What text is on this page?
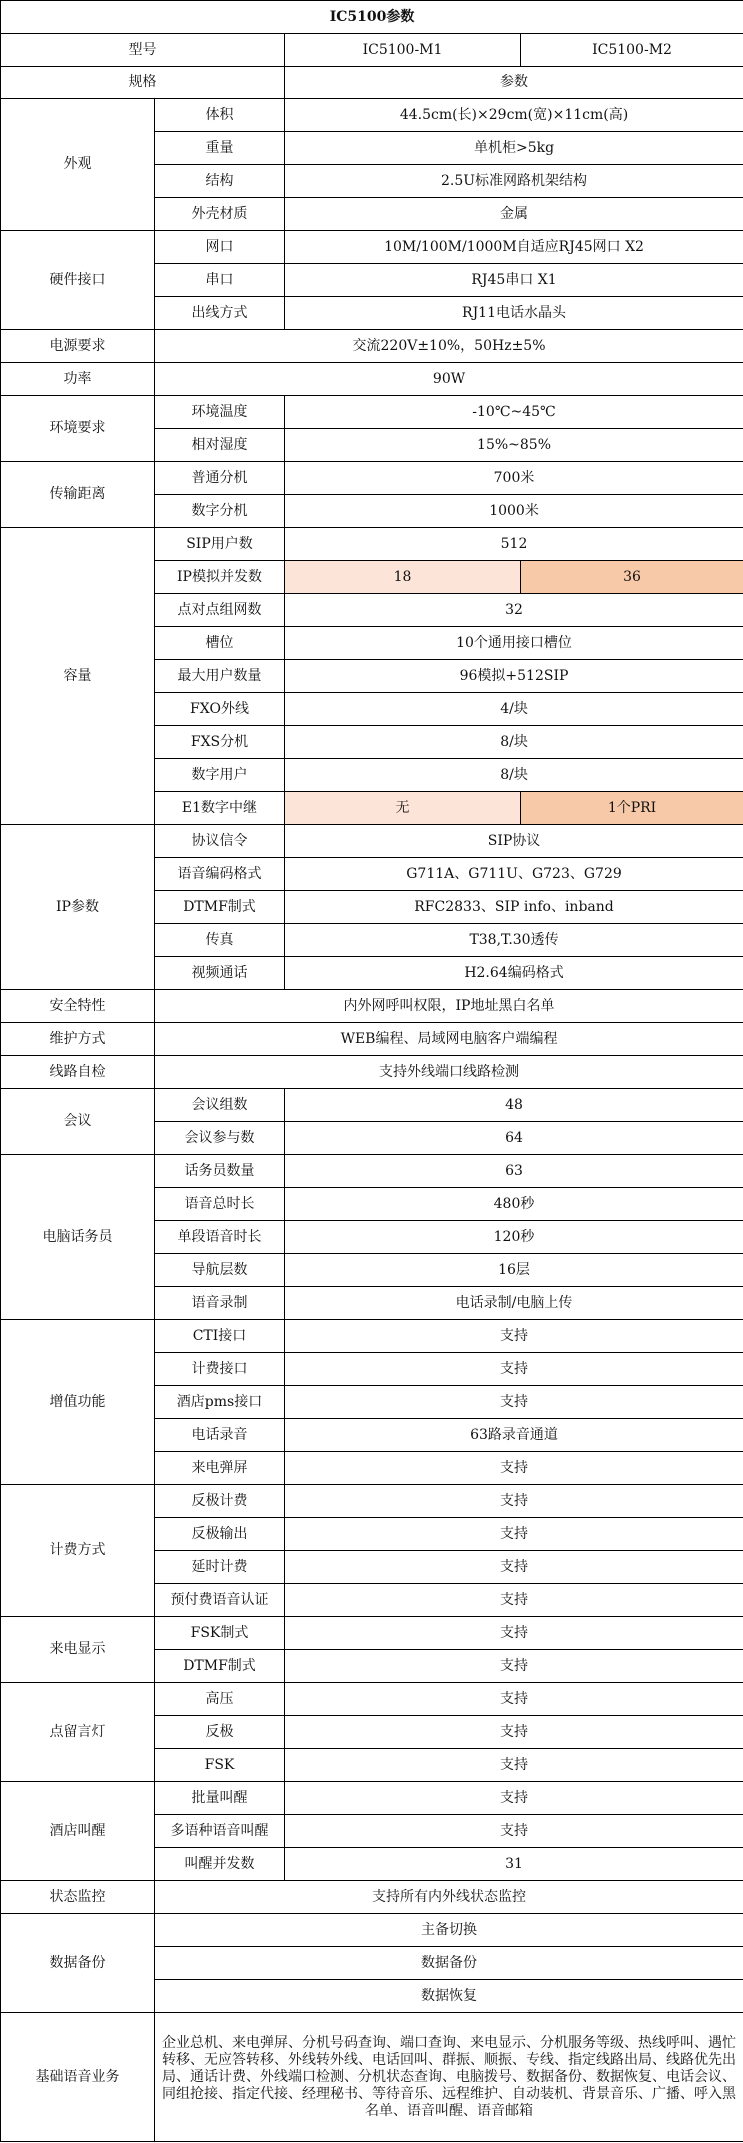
IC5100参数			
型号		IC5100-M1	IC5100-M2
规格		参数	
外观	体积	44.5cm(长)×29cm(宽)×11cm(高)	
	重量	单机柜>5kg	
	结构	2.5U标准网路机架结构	
	外壳材质	金属	
硬件接口	网口	10M/100M/1000M自适应RJ45网口 X2	
	串口	RJ45串口 X1	
	出线方式	RJ11电话水晶头	
电源要求	交流220V±10%，50Hz±5%		
功率	90W		
环境要求	环境温度	-10℃~45℃	
	相对湿度	15%~85%	
传输距离	普通分机	700米	
	数字分机	1000米	
容量	SIP用户数	512	
	IP模拟并发数	18	36
	点对点组网数	32	
	槽位	10个通用接口槽位	
	最大用户数量	96模拟+512SIP	
	FXO外线	4/块	
	FXS分机	8/块	
	数字用户	8/块	
	E1数字中继	无	1个PRI
IP参数	协议信令	SIP协议	
	语音编码格式	G711A、G711U、G723、G729	
	DTMF制式	RFC2833、SIP info、inband	
	传真	T38,T.30透传	
	视频通话	H2.64编码格式	
安全特性	内外网呼叫权限，IP地址黑白名单		
维护方式	WEB编程、局域网电脑客户端编程		
线路自检	支持外线端口线路检测		
会议	会议组数	48	
	会议参与数	64	
电脑话务员	话务员数量	63	
	语音总时长	480秒	
	单段语音时长	120秒	
	导航层数	16层	
	语音录制	电话录制/电脑上传	
增值功能	CTI接口	支持	
	计费接口	支持	
	酒店pms接口	支持	
	电话录音	63路录音通道	
	来电弹屏	支持	
计费方式	反极计费	支持	
	反极输出	支持	
	延时计费	支持	
	预付费语音认证	支持	
来电显示	FSK制式	支持	
	DTMF制式	支持	
点留言灯	高压	支持	
	反极	支持	
	FSK	支持	
酒店叫醒	批量叫醒	支持	
	多语种语音叫醒	支持	
	叫醒并发数	31	
状态监控	支持所有内外线状态监控		
数据备份	主备切换		
	数据备份		
	数据恢复		
基础语音业务	企业总机、来电弹屏、分机号码查询、端口查询、来电显示、分机服务等级、热线呼叫、遇忙转移、无应答转移、外线转外线、电话回叫、群振、顺振、专线、指定线路出局、线路优先出局、通话计费、外线端口检测、分机状态查询、电脑拨号、数据备份、数据恢复、电话会议、同组抢接、指定代接、经理秘书、等待音乐、远程维护、自动装机、背景音乐、广播、呼入黑名单、语音叫醒、语音邮箱		
